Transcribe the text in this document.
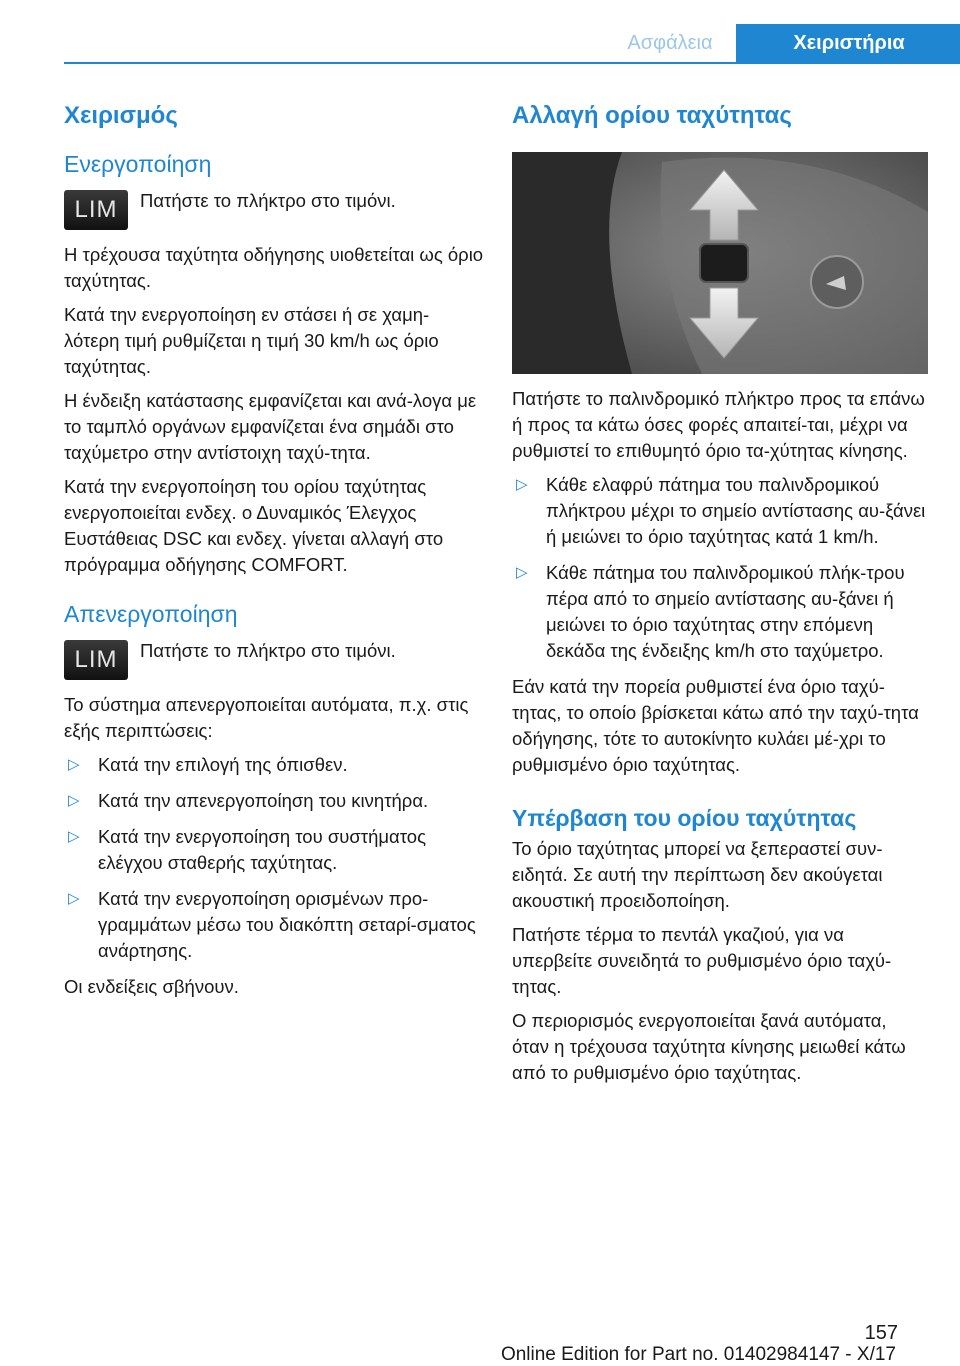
Ασφάλεια	Χειριστήρια
Χειρισμός
Ενεργοποίηση
LIM	Πατήστε το πλήκτρο στο τιμόνι.

Η τρέχουσα ταχύτητα οδήγησης υιοθετείται ως όριο ταχύτητας.

Κατά την ενεργοποίηση εν στάσει ή σε χαμη-λότερη τιμή ρυθμίζεται η τιμή 30 km/h ως όριο ταχύτητας.

Η ένδειξη κατάστασης εμφανίζεται και ανά-λογα με το ταμπλό οργάνων εμφανίζεται ένα σημάδι στο ταχύμετρο στην αντίστοιχη ταχύ-τητα.

Κατά την ενεργοποίηση του ορίου ταχύτητας ενεργοποιείται ενδεχ. ο Δυναμικός Έλεγχος Ευστάθειας DSC και ενδεχ. γίνεται αλλαγή στο πρόγραμμα οδήγησης COMFORT.

Απενεργοποίηση
LIM	Πατήστε το πλήκτρο στο τιμόνι.

Το σύστημα απενεργοποιείται αυτόματα, π.χ. στις εξής περιπτώσεις:

▷ Κατά την επιλογή της όπισθεν.
▷ Κατά την απενεργοποίηση του κινητήρα.
▷ Κατά την ενεργοποίηση του συστήματος ελέγχου σταθερής ταχύτητας.
▷ Κατά την ενεργοποίηση ορισμένων προ-γραμμάτων μέσω του διακόπτη σεταρί-σματος ανάρτησης.

Οι ενδείξεις σβήνουν.

Αλλαγή ορίου ταχύτητας

Πατήστε το παλινδρομικό πλήκτρο προς τα επάνω ή προς τα κάτω όσες φορές απαιτεί-ται, μέχρι να ρυθμιστεί το επιθυμητό όριο τα-χύτητας κίνησης.

▷ Κάθε ελαφρύ πάτημα του παλινδρομικού πλήκτρου μέχρι το σημείο αντίστασης αυ-ξάνει ή μειώνει το όριο ταχύτητας κατά 1 km/h.
▷ Κάθε πάτημα του παλινδρομικού πλήκ-τρου πέρα από το σημείο αντίστασης αυ-ξάνει ή μειώνει το όριο ταχύτητας στην επόμενη δεκάδα της ένδειξης km/h στο ταχύμετρο.

Εάν κατά την πορεία ρυθμιστεί ένα όριο ταχύ-τητας, το οποίο βρίσκεται κάτω από την ταχύ-τητα οδήγησης, τότε το αυτοκίνητο κυλάει μέ-χρι το ρυθμισμένο όριο ταχύτητας.

Υπέρβαση του ορίου ταχύτητας

Το όριο ταχύτητας μπορεί να ξεπεραστεί συν-ειδητά. Σε αυτή την περίπτωση δεν ακούγεται ακουστική προειδοποίηση.

Πατήστε τέρμα το πεντάλ γκαζιού, για να υπερβείτε συνειδητά το ρυθμισμένο όριο ταχύ-τητας.

Ο περιορισμός ενεργοποιείται ξανά αυτόματα, όταν η τρέχουσα ταχύτητα κίνησης μειωθεί κάτω από το ρυθμισμένο όριο ταχύτητας.

157
Online Edition for Part no. 01402984147 - X/17
